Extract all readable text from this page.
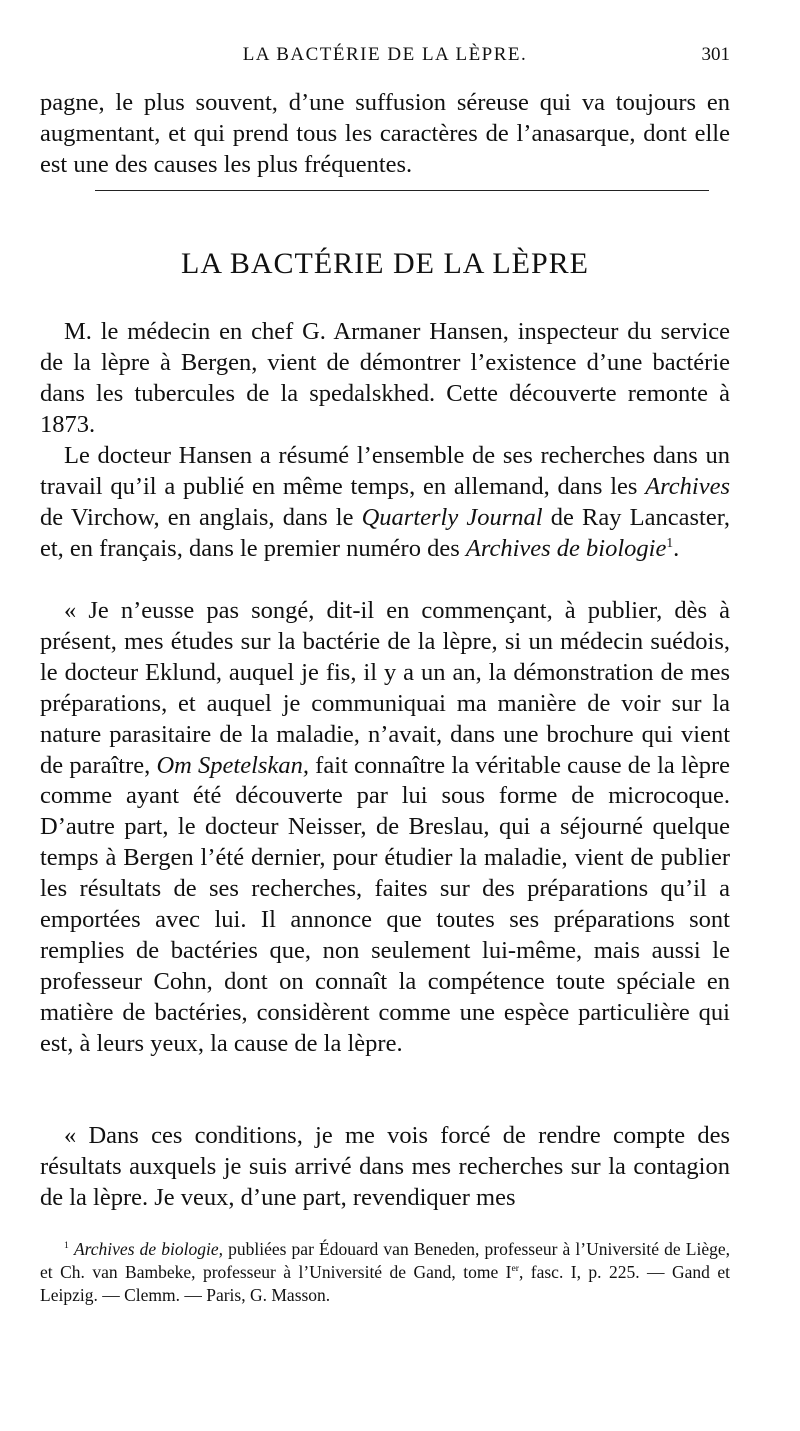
LA BACTÉRIE DE LA LÈPRE.	301

pagne, le plus souvent, d’une suffusion séreuse qui va toujours en augmentant, et qui prend tous les caractères de l’anasarque, dont elle est une des causes les plus fréquentes.

LA BACTÉRIE DE LA LÈPRE

M. le médecin en chef G. Armaner Hansen, inspecteur du service de la lèpre à Bergen, vient de démontrer l’existence d’une bactérie dans les tubercules de la spedalskhed. Cette découverte remonte à 1873.

Le docteur Hansen a résumé l’ensemble de ses recherches dans un travail qu’il a publié en même temps, en allemand, dans les Archives de Virchow, en anglais, dans le Quarterly Journal de Ray Lancaster, et, en français, dans le premier numéro des Archives de biologie$^1$.

« Je n’eusse pas songé, dit-il en commençant, à publier, dès à présent, mes études sur la bactérie de la lèpre, si un médecin suédois, le docteur Eklund, auquel je fis, il y a un an, la démonstration de mes préparations, et auquel je communiquai ma manière de voir sur la nature parasitaire de la maladie, n’avait, dans une brochure qui vient de paraître, Om Spetelskan, fait connaître la véritable cause de la lèpre comme ayant été découverte par lui sous forme de microcoque. D’autre part, le docteur Neisser, de Breslau, qui a séjourné quelque temps à Bergen l’été dernier, pour étudier la maladie, vient de publier les résultats de ses recherches, faites sur des préparations qu’il a emportées avec lui. Il annonce que toutes ses préparations sont remplies de bactéries que, non seulement lui-même, mais aussi le professeur Cohn, dont on connaît la compétence toute spéciale en matière de bactéries, considèrent comme une espèce particulière qui est, à leurs yeux, la cause de la lèpre.

« Dans ces conditions, je me vois forcé de rendre compte des résultats auxquels je suis arrivé dans mes recherches sur la contagion de la lèpre. Je veux, d’une part, revendiquer mes

$^1$ Archives de biologie, publiées par Édouard van Beneden, professeur à l’Université de Liège, et Ch. van Bambeke, professeur à l’Université de Gand, tome Ier, fasc. I, p. 225. — Gand et Leipzig. — Clemm. — Paris, G. Masson.
